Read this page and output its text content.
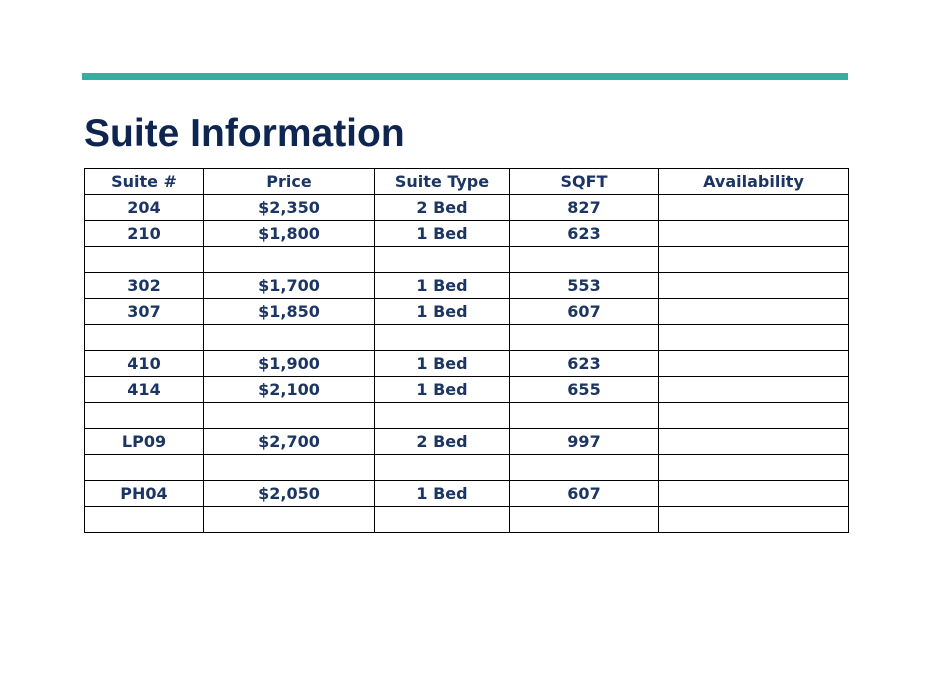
Suite Information
Suite #	Price	Suite Type	SQFT	Availability
204	$2,350	2 Bed	827	
210	$1,800	1 Bed	623	

302	$1,700	1 Bed	553	
307	$1,850	1 Bed	607	

410	$1,900	1 Bed	623	
414	$2,100	1 Bed	655	

LP09	$2,700	2 Bed	997	

PH04	$2,050	1 Bed	607	
